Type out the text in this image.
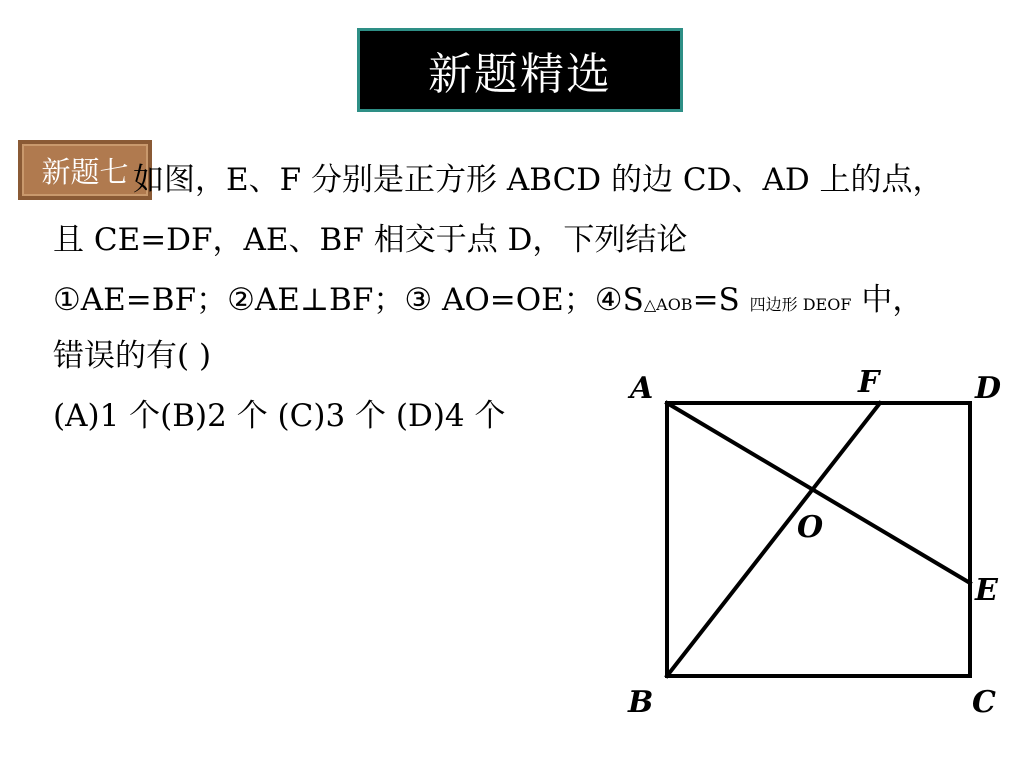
新题精选
新题七 如图，E、F 分别是正方形 ABCD 的边 CD、AD 上的点，
且 CE=DF，AE、BF 相交于点 D，下列结论
①AE=BF；②AE⊥BF；③ AO=OE；④S△AOB=S 四边形 DEOF 中，
错误的有( )
(A)1 个(B)2 个 (C)3 个 (D)4 个
A	F	D
O
E
B	C
